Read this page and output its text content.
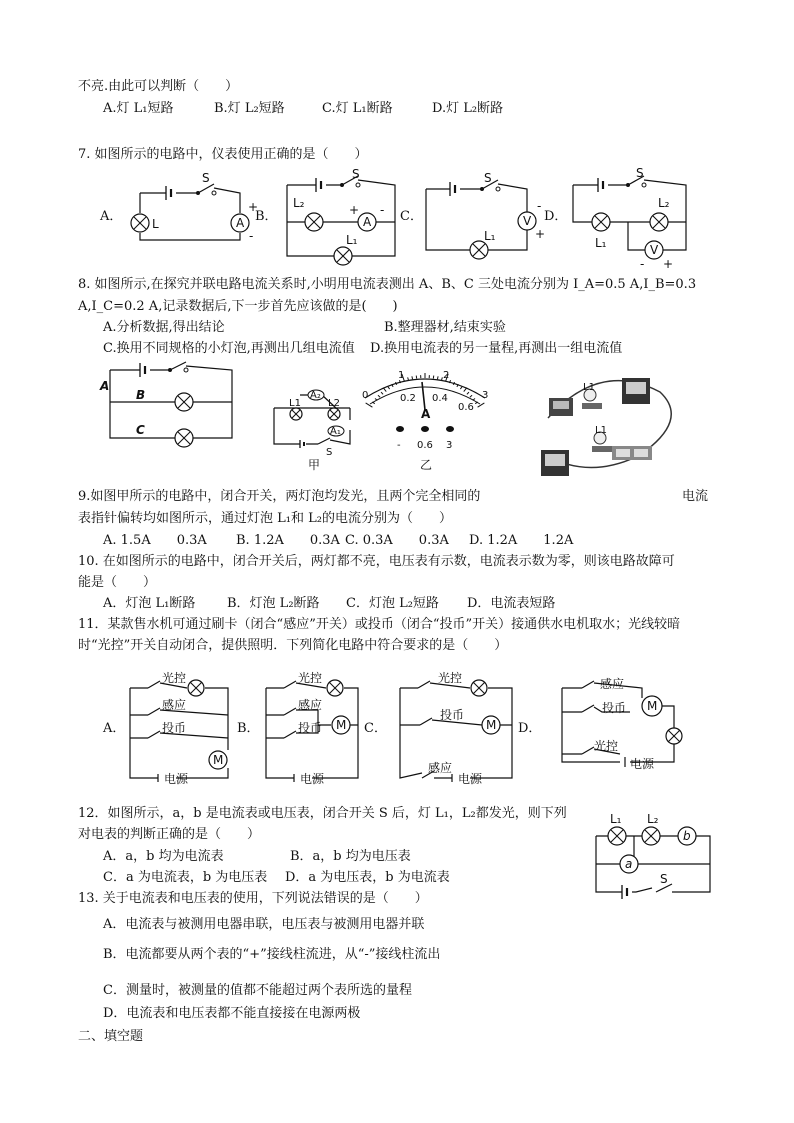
不亮.由此可以判断（　　）
A.灯 L₁短路	B.灯 L₂短路	C.灯 L₁断路	D.灯 L₂断路
7. 如图所示的电路中，仪表使用正确的是（　　）
A．	B．	C．	D．
S
L	A
+
-
S
L₂
A
+ -
L₁
S
V
-
+
L₁
S
L₁
L₂
V
- +
8. 如图所示,在探究并联电路电流关系时,小明用电流表测出 A、B、C 三处电流分别为 I_A=0.5 A,I_B=0.3
A,I_C=0.2 A,记录数据后,下一步首先应该做的是(　　)
A.分析数据,得出结论	B.整理器材,结束实验
C.换用不同规格的小灯泡,再测出几组电流值 D.换用电流表的另一量程,再测出一组电流值
A
B
C
A₂
A₁
L1	L2
S
甲
0
1	2
3
0.2 0.4
0.6
A
- 0.6 3
乙
L1
L1
9.如图甲所示的电路中，闭合开关，两灯泡均发光，且两个完全相同的	电流
表指针偏转均如图所示，通过灯泡 L₁和 L₂的电流分别为（　　）
A. 1.5A　　0.3A B. 1.2A　　0.3A C. 0.3A　　0.3A D. 1.2A　　1.2A
10. 在如图所示的电路中，闭合开关后，两灯都不亮，电压表有示数，电流表示数为零，则该电路故障可
能是（　　）
A．灯泡 L₁断路 B．灯泡 L₂断路 C．灯泡 L₂短路 D．电流表短路
11．某款售水机可通过刷卡（闭合“感应”开关）或投币（闭合“投币”开关）接通供水电机取水；光线较暗
时“光控”开关自动闭合，提供照明．下列简化电路中符合要求的是（　　）
A．	B．	C．	D．
M
光控
感应
投币
电源
M
光控
感应
投币
电源
M
光控
投币
感应
电源
M
感应
投币
光控
电源
12．如图所示，a，b 是电流表或电压表，闭合开关 S 后，灯 L₁，L₂都发光，则下列
对电表的判断正确的是（　　）
A．a，b 均为电流表	B．a，b 均为电压表
C．a 为电流表，b 为电压表 D．a 为电压表，b 为电流表
b
a
L₁ L₂
S
13. 关于电流表和电压表的使用，下列说法错误的是（　　）
A．电流表与被测用电器串联，电压表与被测用电器并联
B．电流都要从两个表的“+”接线柱流进，从“-”接线柱流出
C．测量时，被测量的值都不能超过两个表所选的量程
D．电流表和电压表都不能直接接在电源两极
二、填空题
